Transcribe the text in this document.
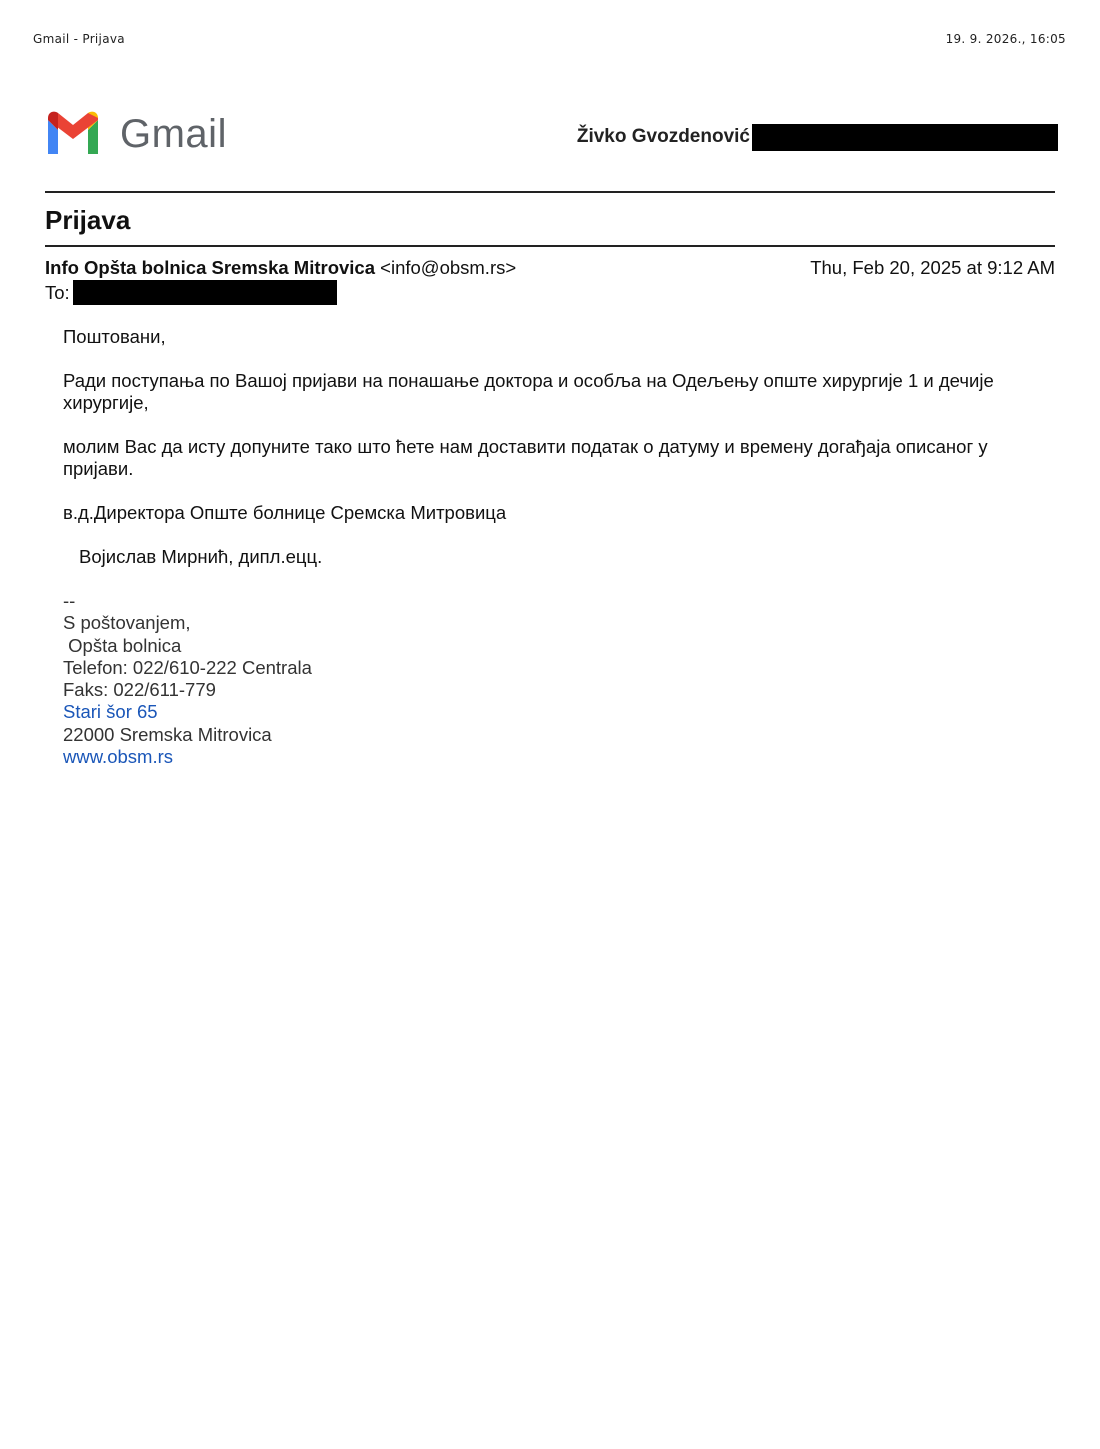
Gmail - Prijava	19. 9. 2026., 16:05
Gmail	Živko Gvozdenović
Prijava
Info Opšta bolnica Sremska Mitrovica <info@obsm.rs>	Thu, Feb 20, 2025 at 9:12 AM
To:

Поштовани,

Ради поступања по Вашој пријави на понашање доктора и особља на Одељењу опште хирургије 1 и дечије хирургије,

молим Вас да исту допуните тако што ћете нам доставити податак о датуму и времену догађаја описаног у пријави.

в.д.Директора Опште болнице Сремска Митровица

Војислав Мирнић, дипл.ецц.

--
S poštovanjem,
Opšta bolnica
Telefon: 022/610-222 Centrala
Faks: 022/611-779
Stari šor 65
22000 Sremska Mitrovica
www.obsm.rs
